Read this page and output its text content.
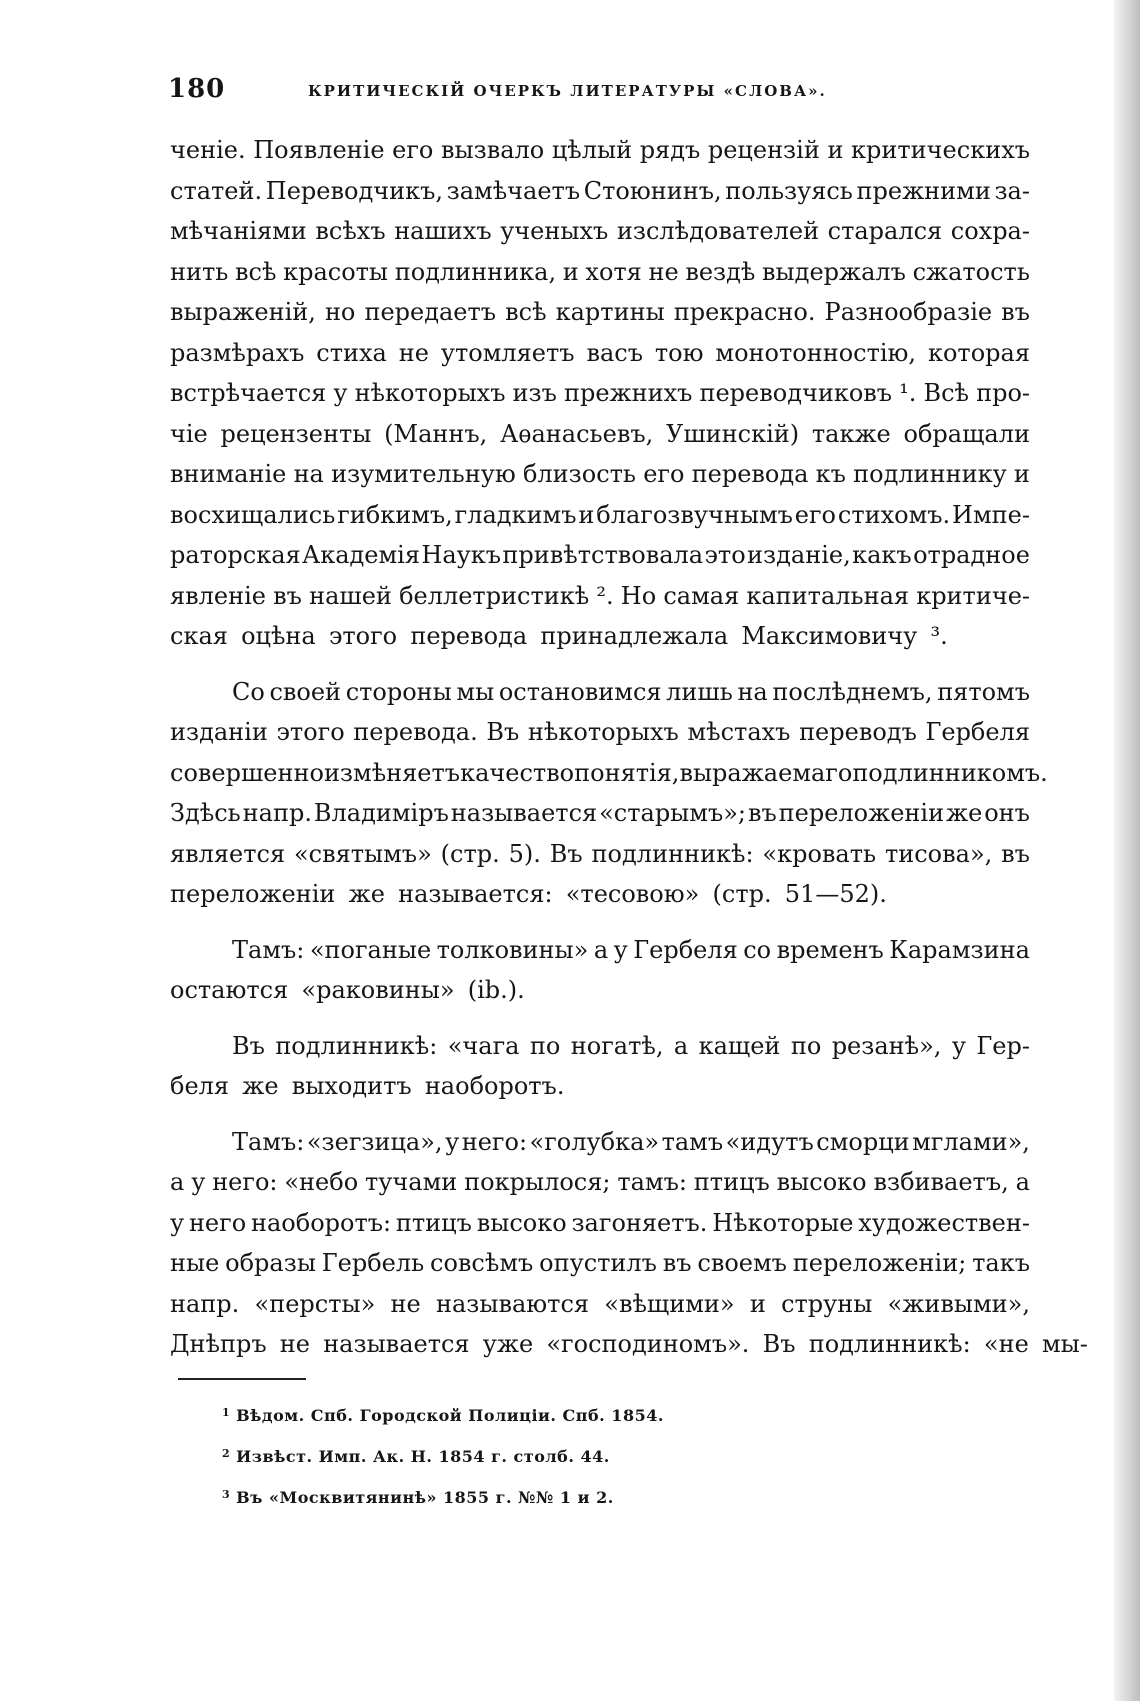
180	КРИТИЧЕСКІЙ ОЧЕРКЪ ЛИТЕРАТУРЫ «СЛОВА».
ченіе. Появленіе его вызвало цѣлый рядъ рецензій и критическихъ
статей. Переводчикъ, замѣчаетъ Стоюнинъ, пользуясь прежними за-
мѣчаніями всѣхъ нашихъ ученыхъ изслѣдователей старался сохра-
нить всѣ красоты подлинника, и хотя не вездѣ выдержалъ сжатость
выраженій, но передаетъ всѣ картины прекрасно. Разнообразіе въ
размѣрахъ стиха не утомляетъ васъ тою монотонностію, которая
встрѣчается у нѣкоторыхъ изъ прежнихъ переводчиковъ ¹. Всѣ про-
чіе рецензенты (Маннъ, Аѳанасьевъ, Ушинскій) также обращали
вниманіе на изумительную близость его перевода къ подлиннику и
восхищались гибкимъ, гладкимъ и благозвучнымъ его стихомъ. Импе-
раторская Академія Наукъ привѣтствовала это изданіе, какъ отрадное
явленіе въ нашей беллетристикѣ ². Но самая капитальная критиче-
ская оцѣна этого перевода принадлежала Максимовичу ³.
Со своей стороны мы остановимся лишь на послѣднемъ, пятомъ
изданіи этого перевода. Въ нѣкоторыхъ мѣстахъ переводъ Гербеля
совершенно измѣняетъ качество понятія, выражаемаго подлинникомъ.
Здѣсь напр. Владиміръ называется «старымъ»; въ переложеніи же онъ
является «святымъ» (стр. 5). Въ подлинникѣ: «кровать тисова», въ
переложеніи же называется: «тесовою» (стр. 51—52).
Тамъ: «поганые толковины» а у Гербеля со временъ Карамзина
остаются «раковины» (ib.).
Въ подлинникѣ: «чага по ногатѣ, а кащей по резанѣ», у Гер-
беля же выходитъ наоборотъ.
Тамъ: «зегзица», у него: «голубка» тамъ «идутъ сморци мглами»,
а у него: «небо тучами покрылося; тамъ: птицъ высоко взбиваетъ, а
у него наоборотъ: птицъ высоко загоняетъ. Нѣкоторые художествен-
ные образы Гербель совсѣмъ опустилъ въ своемъ переложеніи; такъ
напр. «персты» не называются «вѣщими» и струны «живыми»,
Днѣпръ не называется уже «господиномъ». Въ подлинникѣ: «не мы-
$^1$ Вѣдом. Спб. Городской Полиціи. Спб. 1854.
$^2$ Извѣст. Имп. Ак. Н. 1854 г. столб. 44.
$^3$ Въ «Москвитянинѣ» 1855 г. №№ 1 и 2.
